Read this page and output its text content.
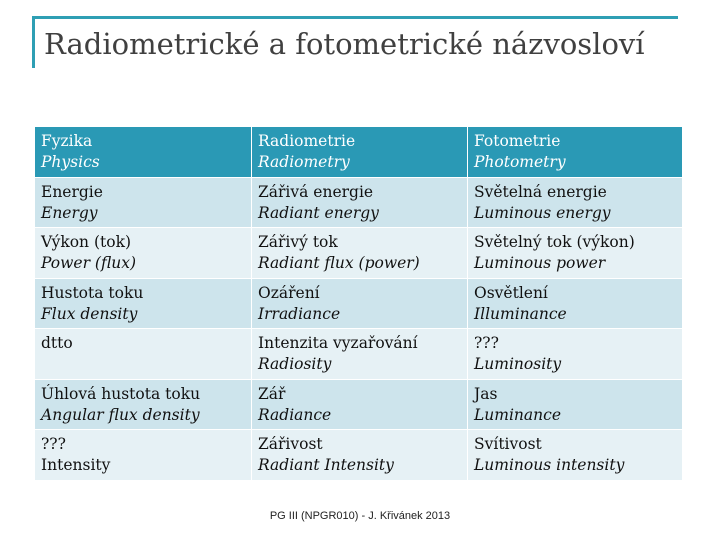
Radiometrické a fotometrické názvosloví
Fyzika
Physics
Radiometrie
Radiometry
Fotometrie
Photometry
Energie
Energy
Zářivá energie
Radiant energy
Světelná energie
Luminous energy
Výkon (tok)
Power (flux)
Zářivý tok
Radiant flux (power)
Světelný tok (výkon)
Luminous power
Hustota toku
Flux density
Ozáření
Irradiance
Osvětlení
Illuminance
dtto	Intenzita vyzařování
Radiosity
???
Luminosity
Úhlová hustota toku
Angular flux density
Zář
Radiance
Jas
Luminance
???
Intensity
Zářivost
Radiant Intensity
Svítivost
Luminous intensity
PG III (NPGR010) - J. Křivánek 2013
